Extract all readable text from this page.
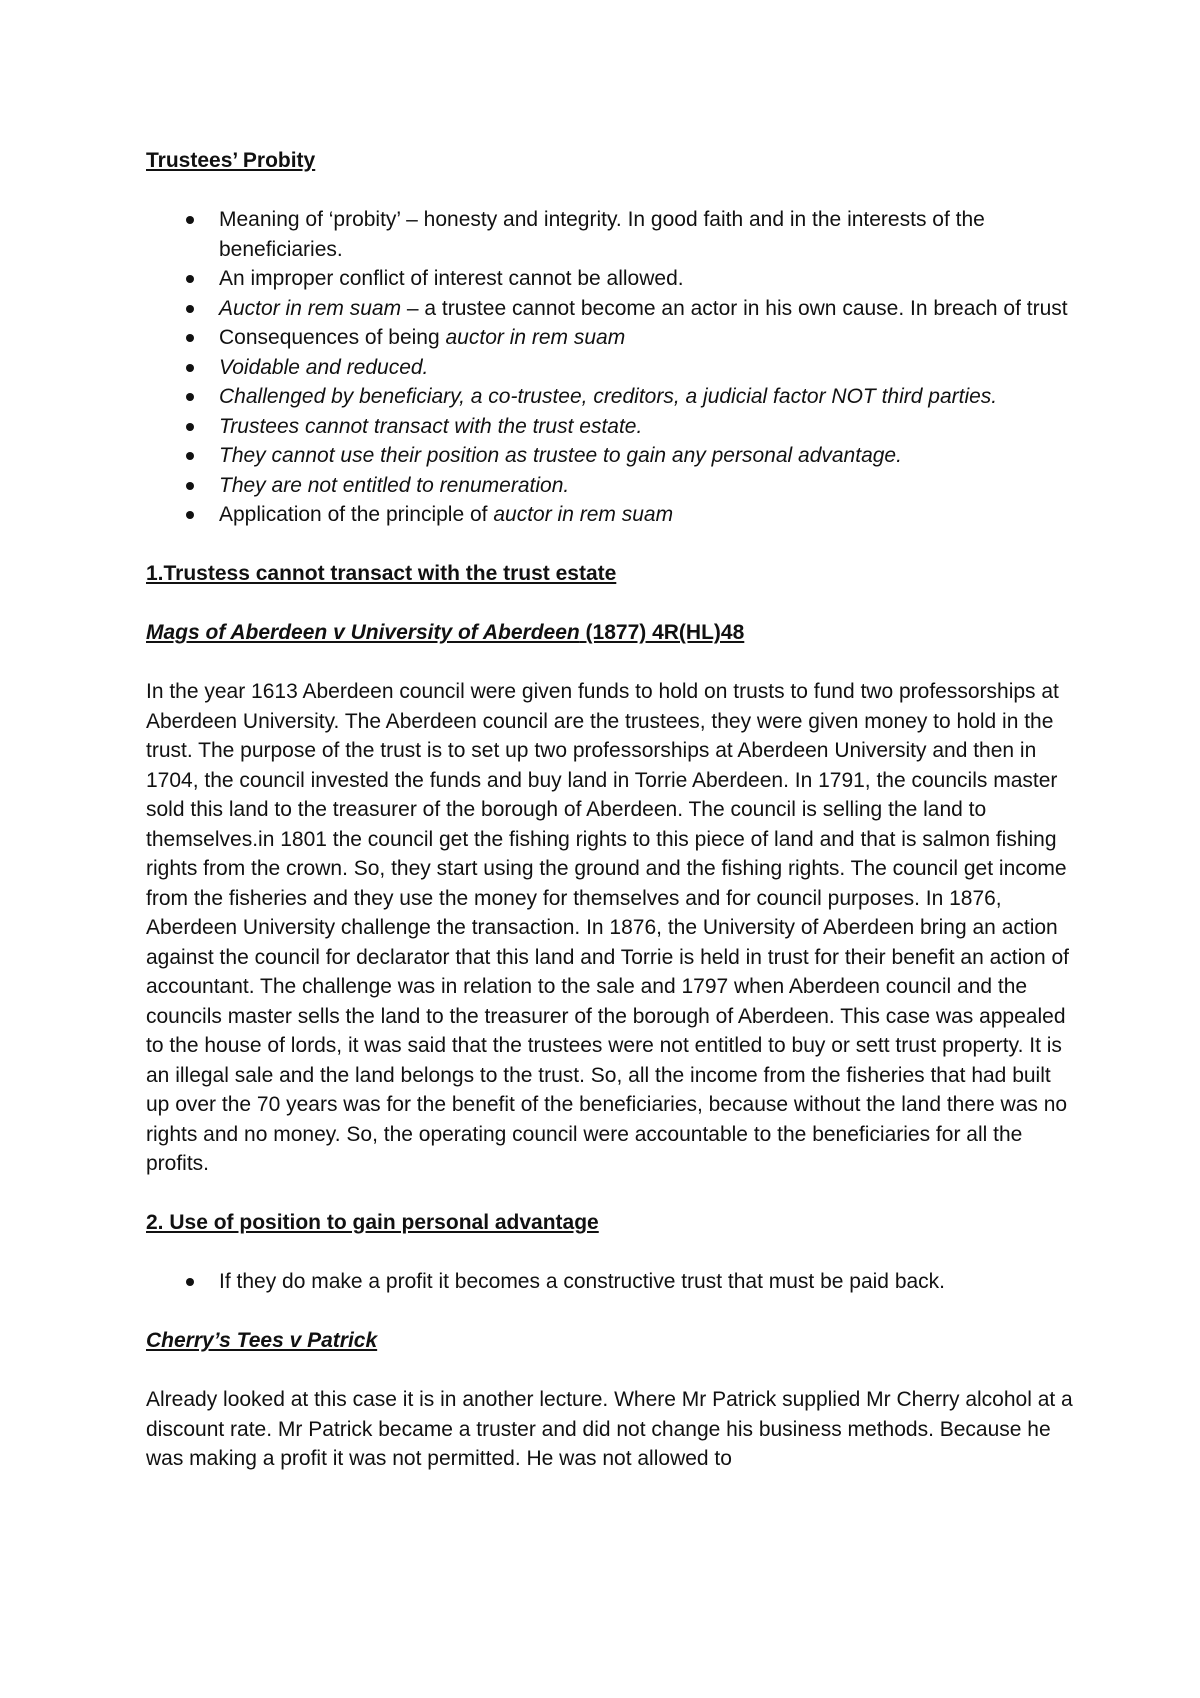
Trustees’ Probity

Meaning of ‘probity’ – honesty and integrity. In good faith and in the interests of the beneficiaries.
An improper conflict of interest cannot be allowed.
Auctor in rem suam – a trustee cannot become an actor in his own cause. In breach of trust
Consequences of being auctor in rem suam
Voidable and reduced.
Challenged by beneficiary, a co-trustee, creditors, a judicial factor NOT third parties.
Trustees cannot transact with the trust estate.
They cannot use their position as trustee to gain any personal advantage.
They are not entitled to renumeration.
Application of the principle of auctor in rem suam

1.Trustess cannot transact with the trust estate

Mags of Aberdeen v University of Aberdeen (1877) 4R(HL)48

In the year 1613 Aberdeen council were given funds to hold on trusts to fund two professorships at Aberdeen University. The Aberdeen council are the trustees, they were given money to hold in the trust. The purpose of the trust is to set up two professorships at Aberdeen University and then in 1704, the council invested the funds and buy land in Torrie Aberdeen. In 1791, the councils master sold this land to the treasurer of the borough of Aberdeen. The council is selling the land to themselves.in 1801 the council get the fishing rights to this piece of land and that is salmon fishing rights from the crown. So, they start using the ground and the fishing rights. The council get income from the fisheries and they use the money for themselves and for council purposes. In 1876, Aberdeen University challenge the transaction. In 1876, the University of Aberdeen bring an action against the council for declarator that this land and Torrie is held in trust for their benefit an action of accountant. The challenge was in relation to the sale and 1797 when Aberdeen council and the councils master sells the land to the treasurer of the borough of Aberdeen. This case was appealed to the house of lords, it was said that the trustees were not entitled to buy or sett trust property. It is an illegal sale and the land belongs to the trust. So, all the income from the fisheries that had built up over the 70 years was for the benefit of the beneficiaries, because without the land there was no rights and no money. So, the operating council were accountable to the beneficiaries for all the profits.

2. Use of position to gain personal advantage

If they do make a profit it becomes a constructive trust that must be paid back.

Cherry’s Tees v Patrick

Already looked at this case it is in another lecture. Where Mr Patrick supplied Mr Cherry alcohol at a discount rate. Mr Patrick became a truster and did not change his business methods. Because he was making a profit it was not permitted. He was not allowed to
